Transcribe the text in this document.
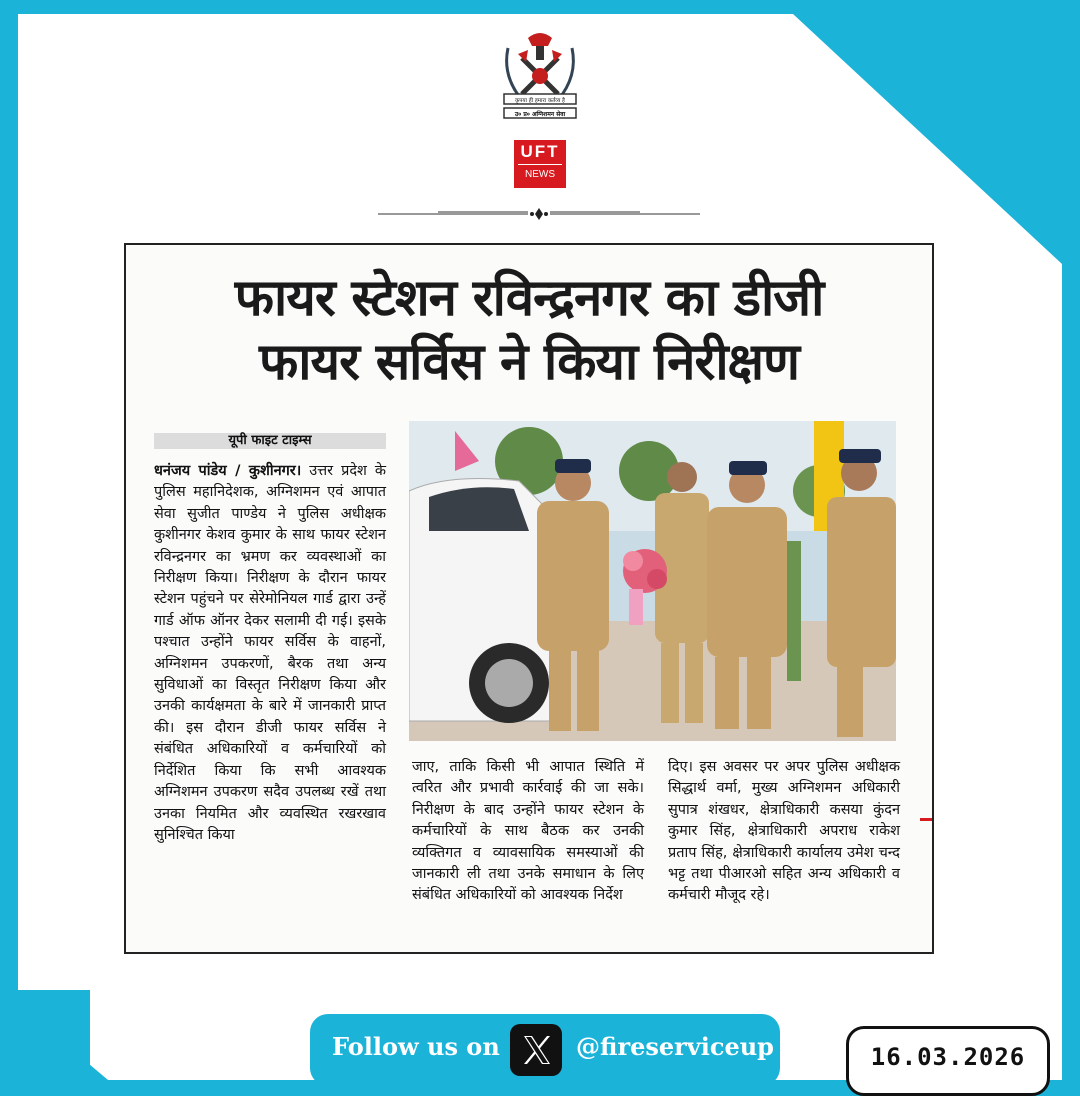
कृपया ही हमारा कर्तव्य है
उ० प्र० अग्निशमन सेवा
UFT
NEWS
फायर स्टेशन रविन्द्रनगर का डीजी
फायर सर्विस ने किया निरीक्षण
यूपी फाइट टाइम्स

धनंजय पांडेय / कुशीनगर। उत्तर प्रदेश के पुलिस महानिदेशक, अग्निशमन एवं आपात सेवा सुजीत पाण्डेय ने पुलिस अधीक्षक कुशीनगर केशव कुमार के साथ फायर स्टेशन रविन्द्रनगर का भ्रमण कर व्यवस्थाओं का निरीक्षण किया। निरीक्षण के दौरान फायर स्टेशन पहुंचने पर सेरेमोनियल गार्ड द्वारा उन्हें गार्ड ऑफ ऑनर देकर सलामी दी गई। इसके पश्चात उन्होंने फायर सर्विस के वाहनों, अग्निशमन उपकरणों, बैरक तथा अन्य सुविधाओं का विस्तृत निरीक्षण किया और उनकी कार्यक्षमता के बारे में जानकारी प्राप्त की। इस दौरान डीजी फायर सर्विस ने संबंधित अधिकारियों व कर्मचारियों को निर्देशित किया कि सभी आवश्यक अग्निशमन उपकरण सदैव उपलब्ध रखें तथा उनका नियमित और व्यवस्थित रखरखाव सुनिश्चित किया

जाए, ताकि किसी भी आपात स्थिति में त्वरित और प्रभावी कार्रवाई की जा सके। निरीक्षण के बाद उन्होंने फायर स्टेशन के कर्मचारियों के साथ बैठक कर उनकी व्यक्तिगत व व्यावसायिक समस्याओं की जानकारी ली तथा उनके समाधान के लिए संबंधित अधिकारियों को आवश्यक निर्देश
दिए। इस अवसर पर अपर पुलिस अधीक्षक सिद्धार्थ वर्मा, मुख्य अग्निशमन अधिकारी सुपात्र शंखधर, क्षेत्राधिकारी कसया कुंदन कुमार सिंह, क्षेत्राधिकारी अपराध राकेश प्रताप सिंह, क्षेत्राधिकारी कार्यालय उमेश चन्द भट्ट तथा पीआरओ सहित अन्य अधिकारी व कर्मचारी मौजूद रहे।
Follow us on	@fireserviceup	16.03.2026
